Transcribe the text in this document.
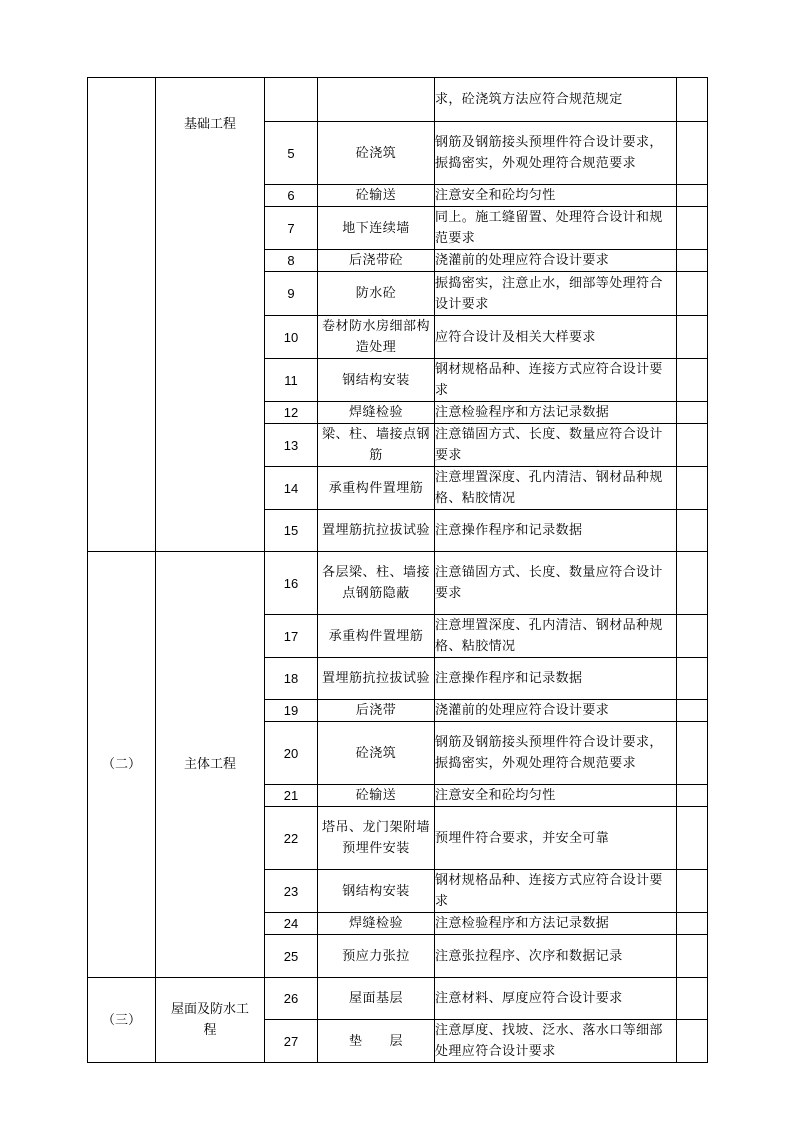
	基础工程			求，砼浇筑方法应符合规范规定	
		5	砼浇筑	钢筋及钢筋接头预埋件符合设计要求，振捣密实，外观处理符合规范要求	
		6	砼输送	注意安全和砼均匀性	
		7	地下连续墙	同上。施工缝留置、处理符合设计和规范要求	
		8	后浇带砼	浇灌前的处理应符合设计要求	
		9	防水砼	振捣密实，注意止水，细部等处理符合设计要求	
		10	卷材防水房细部构造处理	应符合设计及相关大样要求	
		11	钢结构安装	钢材规格品种、连接方式应符合设计要求	
		12	焊缝检验	注意检验程序和方法记录数据	
		13	梁、柱、墙接点钢筋	注意锚固方式、长度、数量应符合设计要求	
		14	承重构件置埋筋	注意埋置深度、孔内清洁、钢材品种规格、粘胶情况	
		15	置埋筋抗拉拔试验	注意操作程序和记录数据	
（二）	主体工程	16	各层梁、柱、墙接点钢筋隐蔽	注意锚固方式、长度、数量应符合设计要求	
		17	承重构件置埋筋	注意埋置深度、孔内清洁、钢材品种规格、粘胶情况	
		18	置埋筋抗拉拔试验	注意操作程序和记录数据	
		19	后浇带	浇灌前的处理应符合设计要求	
		20	砼浇筑	钢筋及钢筋接头预埋件符合设计要求，振捣密实，外观处理符合规范要求	
		21	砼输送	注意安全和砼均匀性	
		22	塔吊、龙门架附墙预埋件安装	预埋件符合要求，并安全可靠	
		23	钢结构安装	钢材规格品种、连接方式应符合设计要求	
		24	焊缝检验	注意检验程序和方法记录数据	
		25	预应力张拉	注意张拉程序、次序和数据记录	
（三）	屋面及防水工程	26	屋面基层	注意材料、厚度应符合设计要求	
		27	垫　　层	注意厚度、找坡、泛水、落水口等细部处理应符合设计要求	
